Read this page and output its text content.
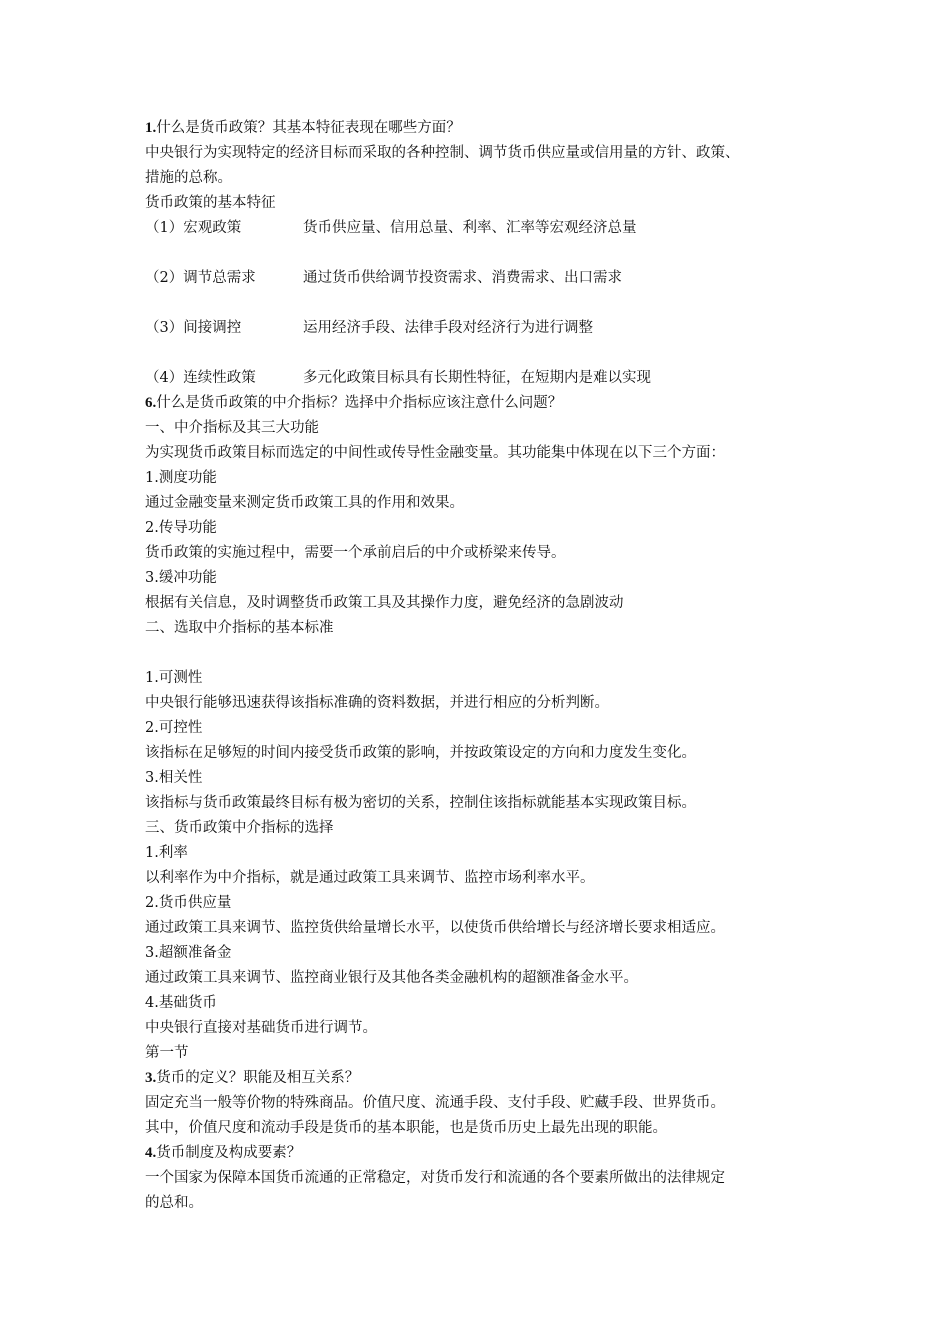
1.什么是货币政策？其基本特征表现在哪些方面？
中央银行为实现特定的经济目标而采取的各种控制、调节货币供应量或信用量的方针、政策、
措施的总称。
货币政策的基本特征
（1）宏观政策	货币供应量、信用总量、利率、汇率等宏观经济总量
（2）调节总需求	通过货币供给调节投资需求、消费需求、出口需求
（3）间接调控	运用经济手段、法律手段对经济行为进行调整
（4）连续性政策	多元化政策目标具有长期性特征，在短期内是难以实现
6.什么是货币政策的中介指标？选择中介指标应该注意什么问题？
一、中介指标及其三大功能
为实现货币政策目标而选定的中间性或传导性金融变量。其功能集中体现在以下三个方面：
1.测度功能
通过金融变量来测定货币政策工具的作用和效果。
2.传导功能
货币政策的实施过程中，需要一个承前启后的中介或桥梁来传导。
3.缓冲功能
根据有关信息，及时调整货币政策工具及其操作力度，避免经济的急剧波动
二、选取中介指标的基本标准
1.可测性
中央银行能够迅速获得该指标准确的资料数据，并进行相应的分析判断。
2.可控性
该指标在足够短的时间内接受货币政策的影响，并按政策设定的方向和力度发生变化。
3.相关性
该指标与货币政策最终目标有极为密切的关系，控制住该指标就能基本实现政策目标。
三、货币政策中介指标的选择
1.利率
以利率作为中介指标，就是通过政策工具来调节、监控市场利率水平。
2.货币供应量
通过政策工具来调节、监控货供给量增长水平，以使货币供给增长与经济增长要求相适应。
3.超额准备金
通过政策工具来调节、监控商业银行及其他各类金融机构的超额准备金水平。
4.基础货币
中央银行直接对基础货币进行调节。
第一节
3.货币的定义？职能及相互关系？
固定充当一般等价物的特殊商品。价值尺度、流通手段、支付手段、贮藏手段、世界货币。
其中，价值尺度和流动手段是货币的基本职能，也是货币历史上最先出现的职能。
4.货币制度及构成要素？
一个国家为保障本国货币流通的正常稳定，对货币发行和流通的各个要素所做出的法律规定
的总和。
